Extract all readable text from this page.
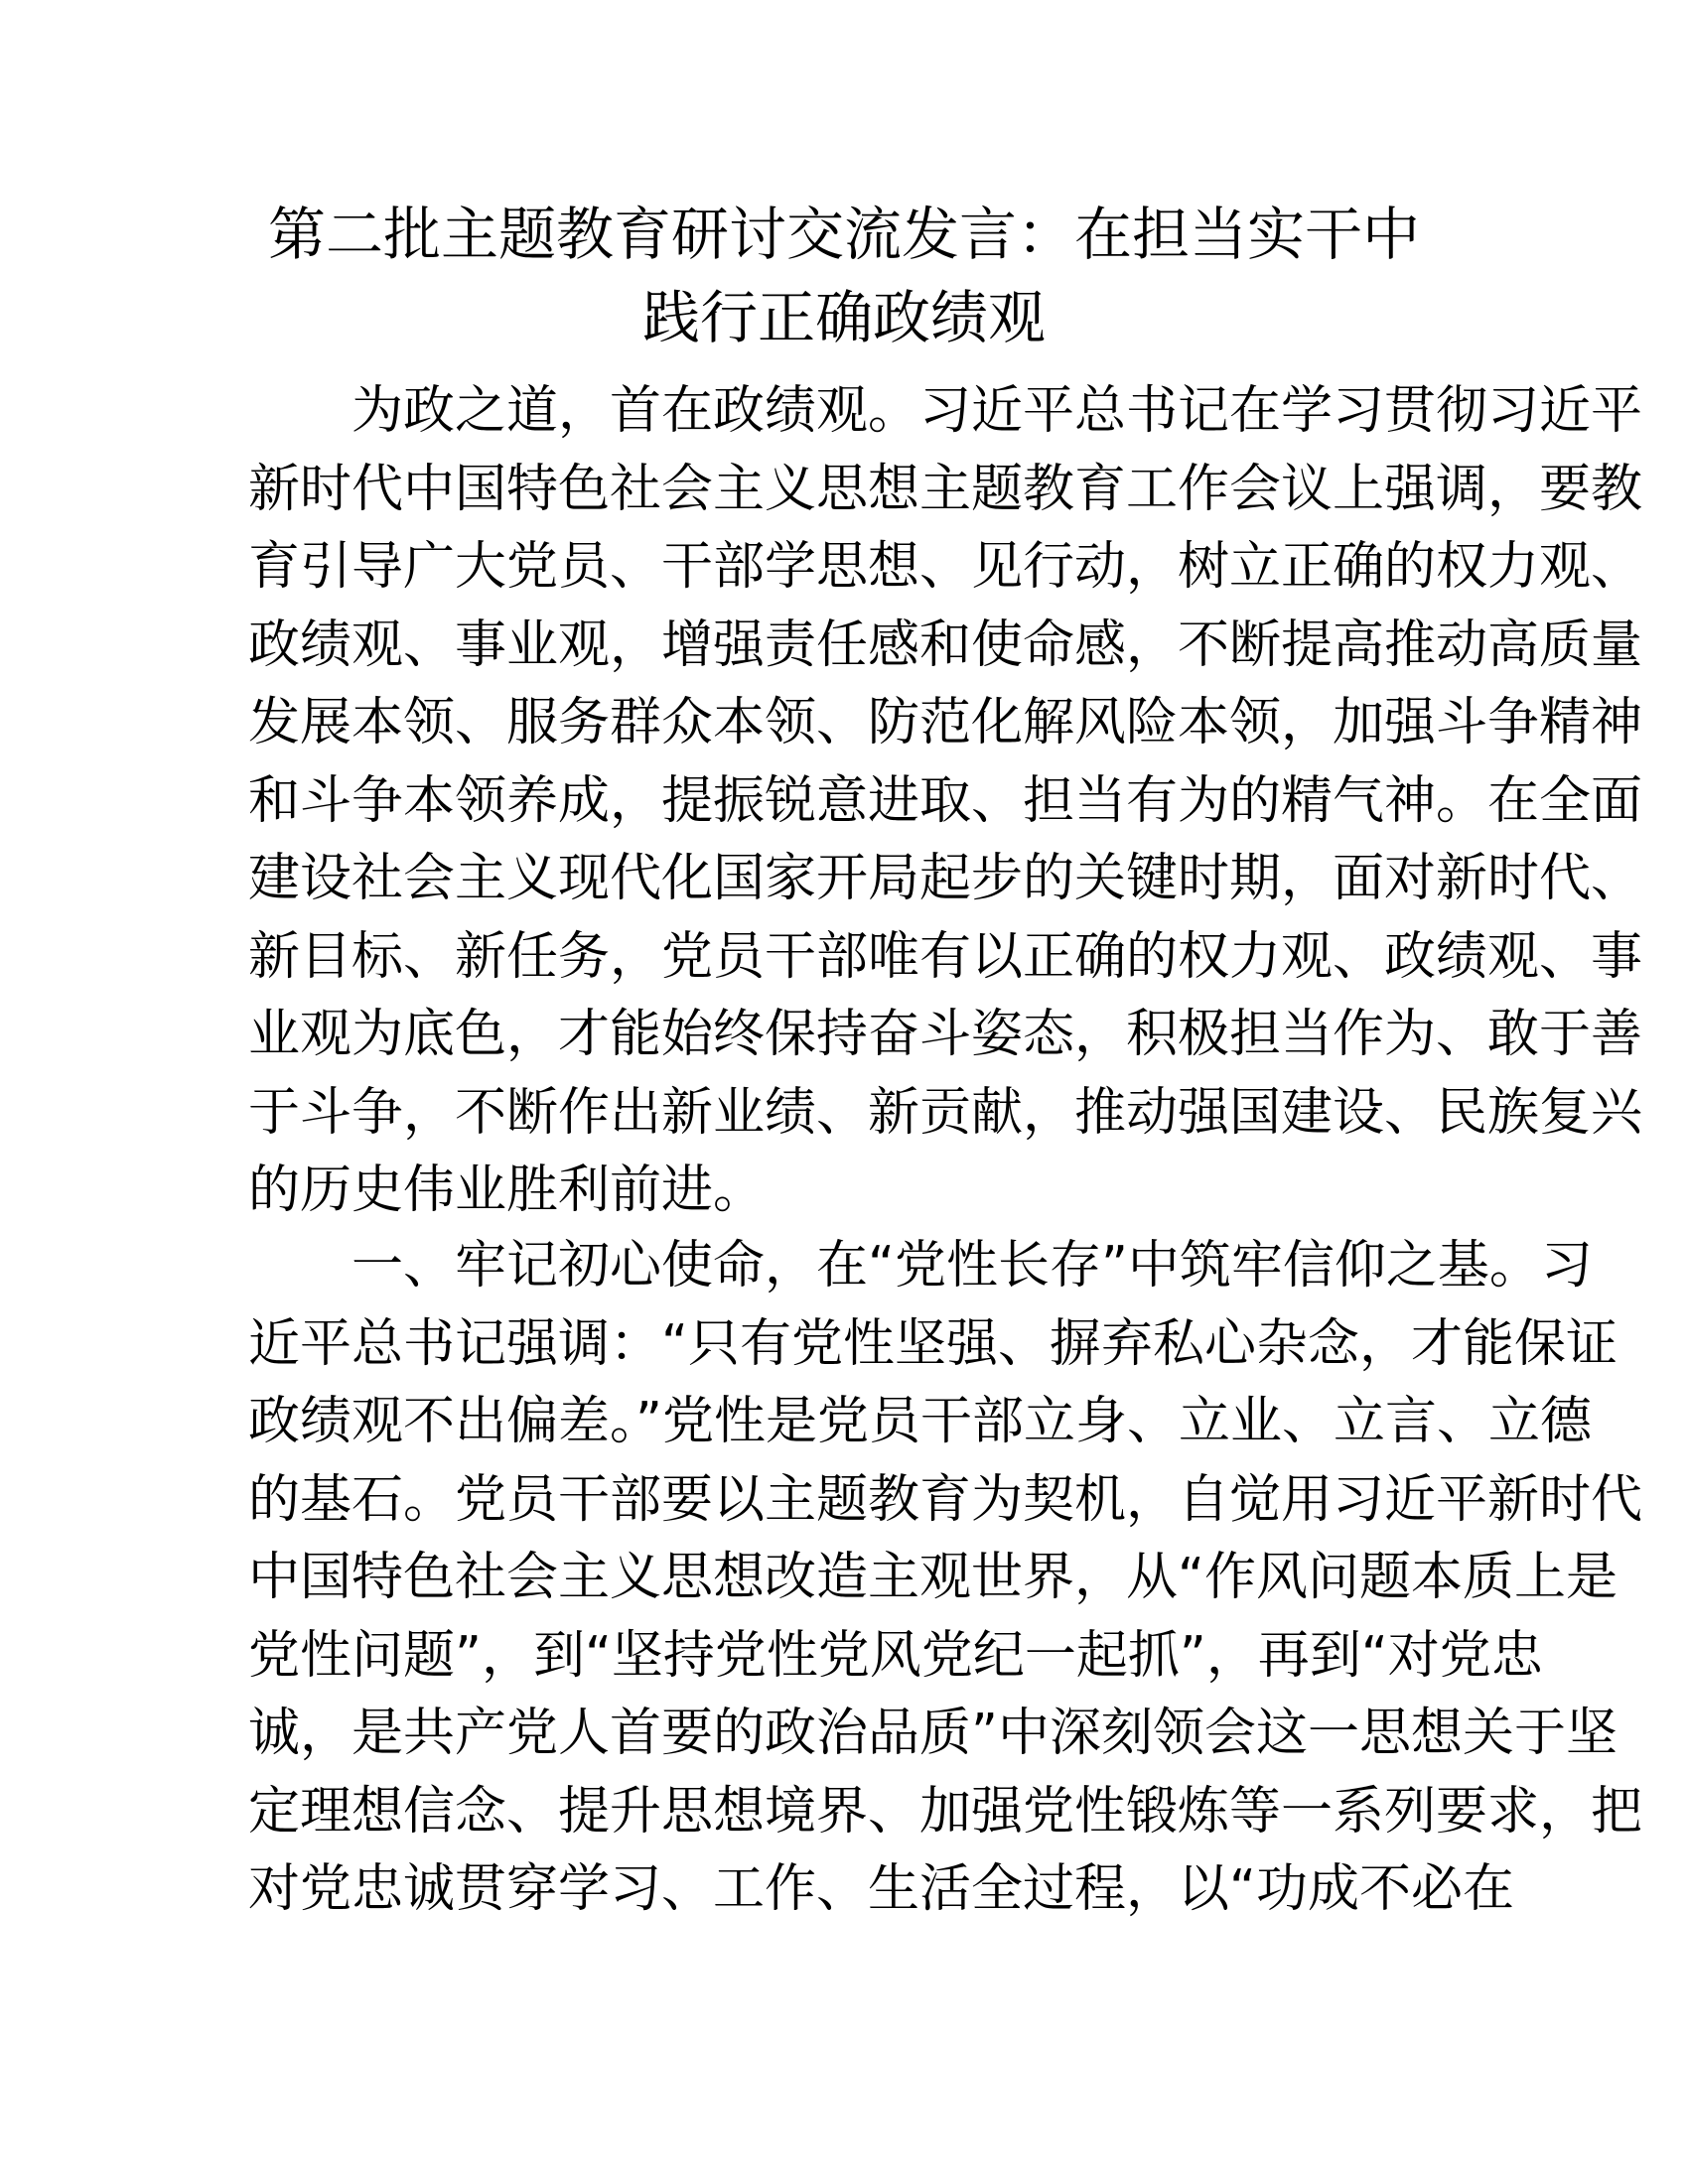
第二批主题教育研讨交流发言：在担当实干中
践行正确政绩观
为政之道，首在政绩观。习近平总书记在学习贯彻习近平
新时代中国特色社会主义思想主题教育工作会议上强调，要教
育引导广大党员、干部学思想、见行动，树立正确的权力观、
政绩观、事业观，增强责任感和使命感，不断提高推动高质量
发展本领、服务群众本领、防范化解风险本领，加强斗争精神
和斗争本领养成，提振锐意进取、担当有为的精气神。在全面
建设社会主义现代化国家开局起步的关键时期，面对新时代、
新目标、新任务，党员干部唯有以正确的权力观、政绩观、事
业观为底色，才能始终保持奋斗姿态，积极担当作为、敢于善
于斗争，不断作出新业绩、新贡献，推动强国建设、民族复兴
的历史伟业胜利前进。
一、牢记初心使命，在“党性长存”中筑牢信仰之基。习
近平总书记强调：“只有党性坚强、摒弃私心杂念，才能保证
政绩观不出偏差。”党性是党员干部立身、立业、立言、立德
的基石。党员干部要以主题教育为契机，自觉用习近平新时代
中国特色社会主义思想改造主观世界，从“作风问题本质上是
党性问题”，到“坚持党性党风党纪一起抓”，再到“对党忠
诚，是共产党人首要的政治品质”中深刻领会这一思想关于坚
定理想信念、提升思想境界、加强党性锻炼等一系列要求，把
对党忠诚贯穿学习、工作、生活全过程，以“功成不必在
